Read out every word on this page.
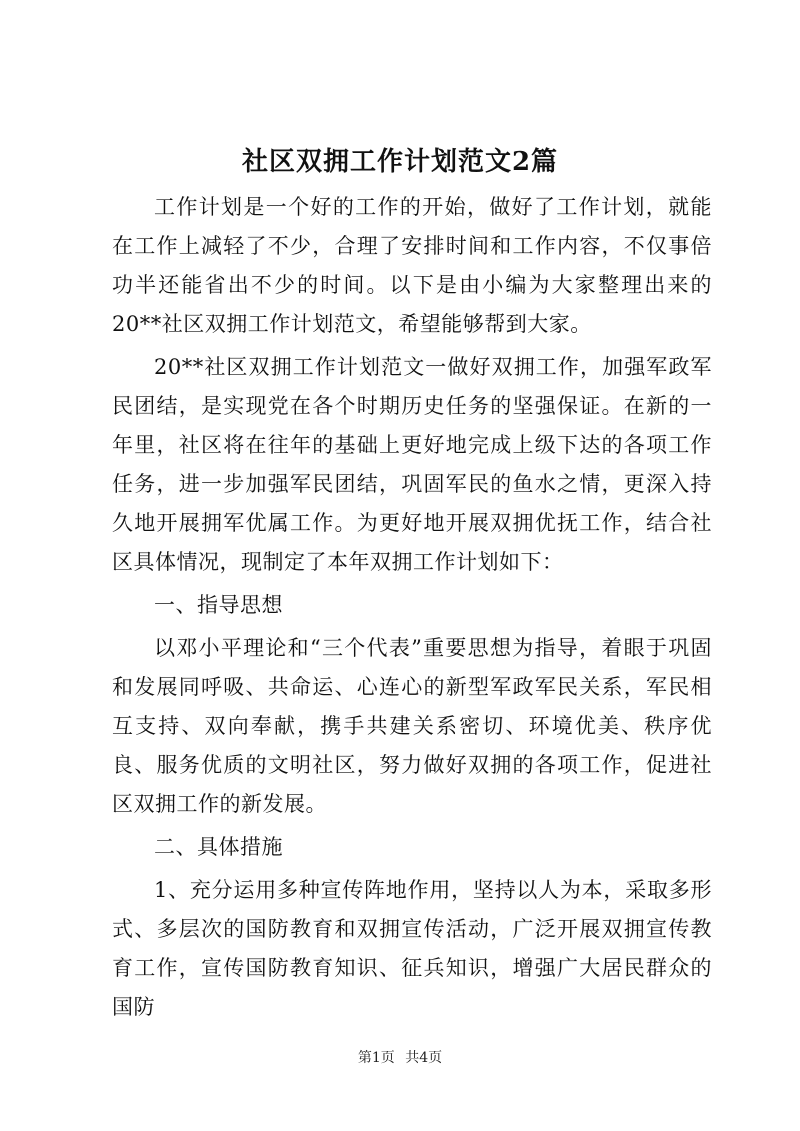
社区双拥工作计划范文2篇

工作计划是一个好的工作的开始，做好了工作计划，就能在工作上减轻了不少，合理了安排时间和工作内容，不仅事倍功半还能省出不少的时间。以下是由小编为大家整理出来的20**社区双拥工作计划范文，希望能够帮到大家。

20**社区双拥工作计划范文一做好双拥工作，加强军政军民团结，是实现党在各个时期历史任务的坚强保证。在新的一年里，社区将在往年的基础上更好地完成上级下达的各项工作任务，进一步加强军民团结，巩固军民的鱼水之情，更深入持久地开展拥军优属工作。为更好地开展双拥优抚工作，结合社区具体情况，现制定了本年双拥工作计划如下：

一、指导思想

以邓小平理论和“三个代表”重要思想为指导，着眼于巩固和发展同呼吸、共命运、心连心的新型军政军民关系，军民相互支持、双向奉献，携手共建关系密切、环境优美、秩序优良、服务优质的文明社区，努力做好双拥的各项工作，促进社区双拥工作的新发展。

二、具体措施

1、充分运用多种宣传阵地作用，坚持以人为本，采取多形式、多层次的国防教育和双拥宣传活动，广泛开展双拥宣传教育工作，宣传国防教育知识、征兵知识，增强广大居民群众的国防

第1页 共4页
